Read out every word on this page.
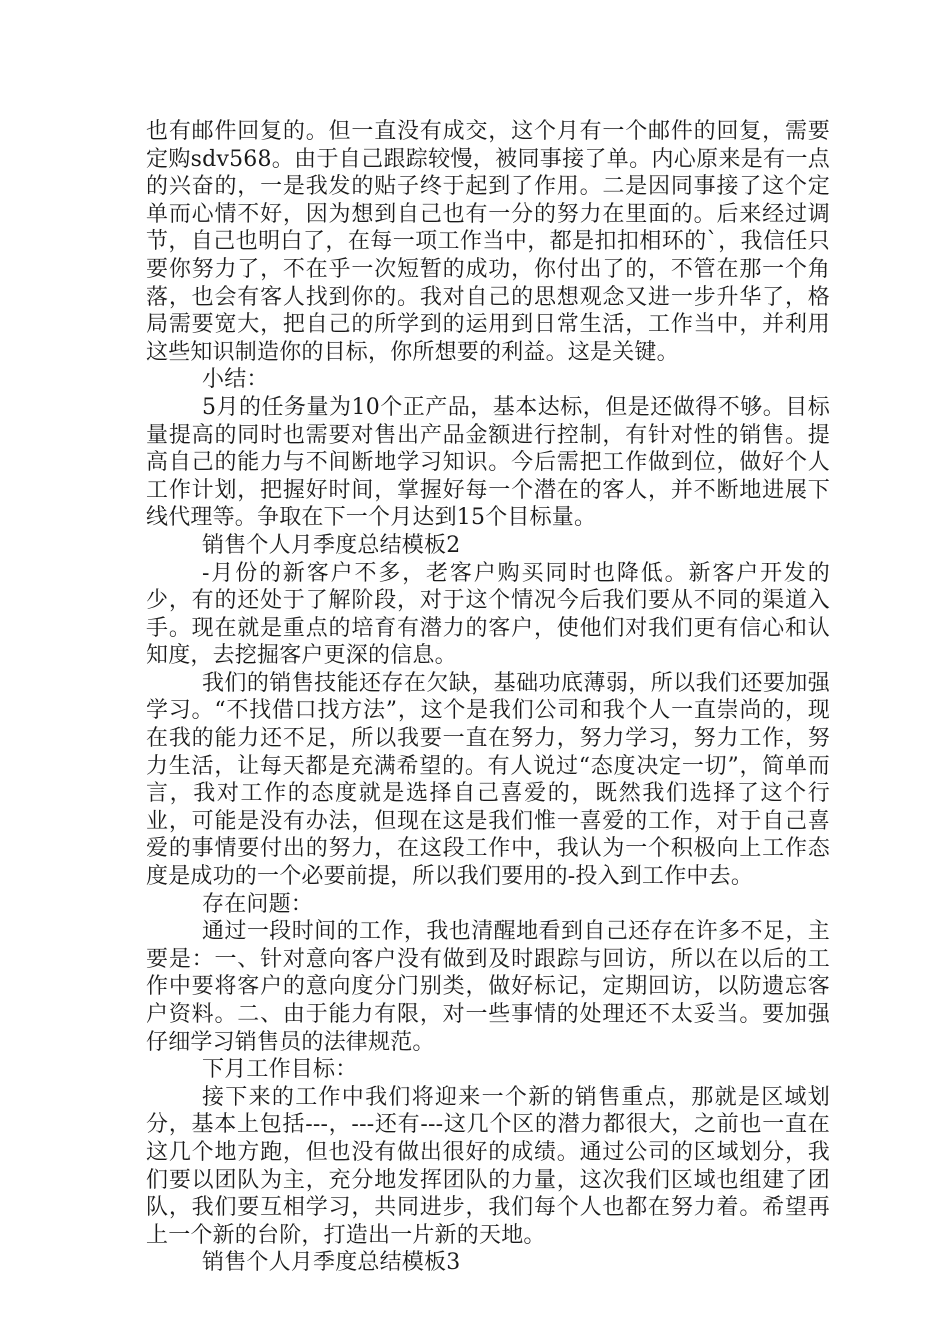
也有邮件回复的。但一直没有成交，这个月有一个邮件的回复，需要定购sdv568。由于自己跟踪较慢，被同事接了单。内心原来是有一点的兴奋的，一是我发的贴子终于起到了作用。二是因同事接了这个定单而心情不好，因为想到自己也有一分的努力在里面的。后来经过调节，自己也明白了，在每一项工作当中，都是扣扣相环的`，我信任只要你努力了，不在乎一次短暂的成功，你付出了的，不管在那一个角落，也会有客人找到你的。我对自己的思想观念又进一步升华了，格局需要宽大，把自己的所学到的运用到日常生活，工作当中，并利用这些知识制造你的目标，你所想要的利益。这是关键。

小结：

5月的任务量为10个正产品，基本达标，但是还做得不够。目标量提高的同时也需要对售出产品金额进行控制，有针对性的销售。提高自己的能力与不间断地学习知识。今后需把工作做到位，做好个人工作计划，把握好时间，掌握好每一个潜在的客人，并不断地进展下线代理等。争取在下一个月达到15个目标量。

销售个人月季度总结模板2

-月份的新客户不多，老客户购买同时也降低。新客户开发的少，有的还处于了解阶段，对于这个情况今后我们要从不同的渠道入手。现在就是重点的培育有潜力的客户，使他们对我们更有信心和认知度，去挖掘客户更深的信息。

我们的销售技能还存在欠缺，基础功底薄弱，所以我们还要加强学习。“不找借口找方法”，这个是我们公司和我个人一直崇尚的，现在我的能力还不足，所以我要一直在努力，努力学习，努力工作，努力生活，让每天都是充满希望的。有人说过“态度决定一切”，简单而言，我对工作的态度就是选择自己喜爱的，既然我们选择了这个行业，可能是没有办法，但现在这是我们惟一喜爱的工作，对于自己喜爱的事情要付出的努力，在这段工作中，我认为一个积极向上工作态度是成功的一个必要前提，所以我们要用的-投入到工作中去。

存在问题：

通过一段时间的工作，我也清醒地看到自己还存在许多不足，主要是：一、针对意向客户没有做到及时跟踪与回访，所以在以后的工作中要将客户的意向度分门别类，做好标记，定期回访，以防遗忘客户资料。二、由于能力有限，对一些事情的处理还不太妥当。要加强仔细学习销售员的法律规范。

下月工作目标：

接下来的工作中我们将迎来一个新的销售重点，那就是区域划分，基本上包括---，---还有---这几个区的潜力都很大，之前也一直在这几个地方跑，但也没有做出很好的成绩。通过公司的区域划分，我们要以团队为主，充分地发挥团队的力量，这次我们区域也组建了团队，我们要互相学习，共同进步，我们每个人也都在努力着。希望再上一个新的台阶，打造出一片新的天地。

销售个人月季度总结模板3
